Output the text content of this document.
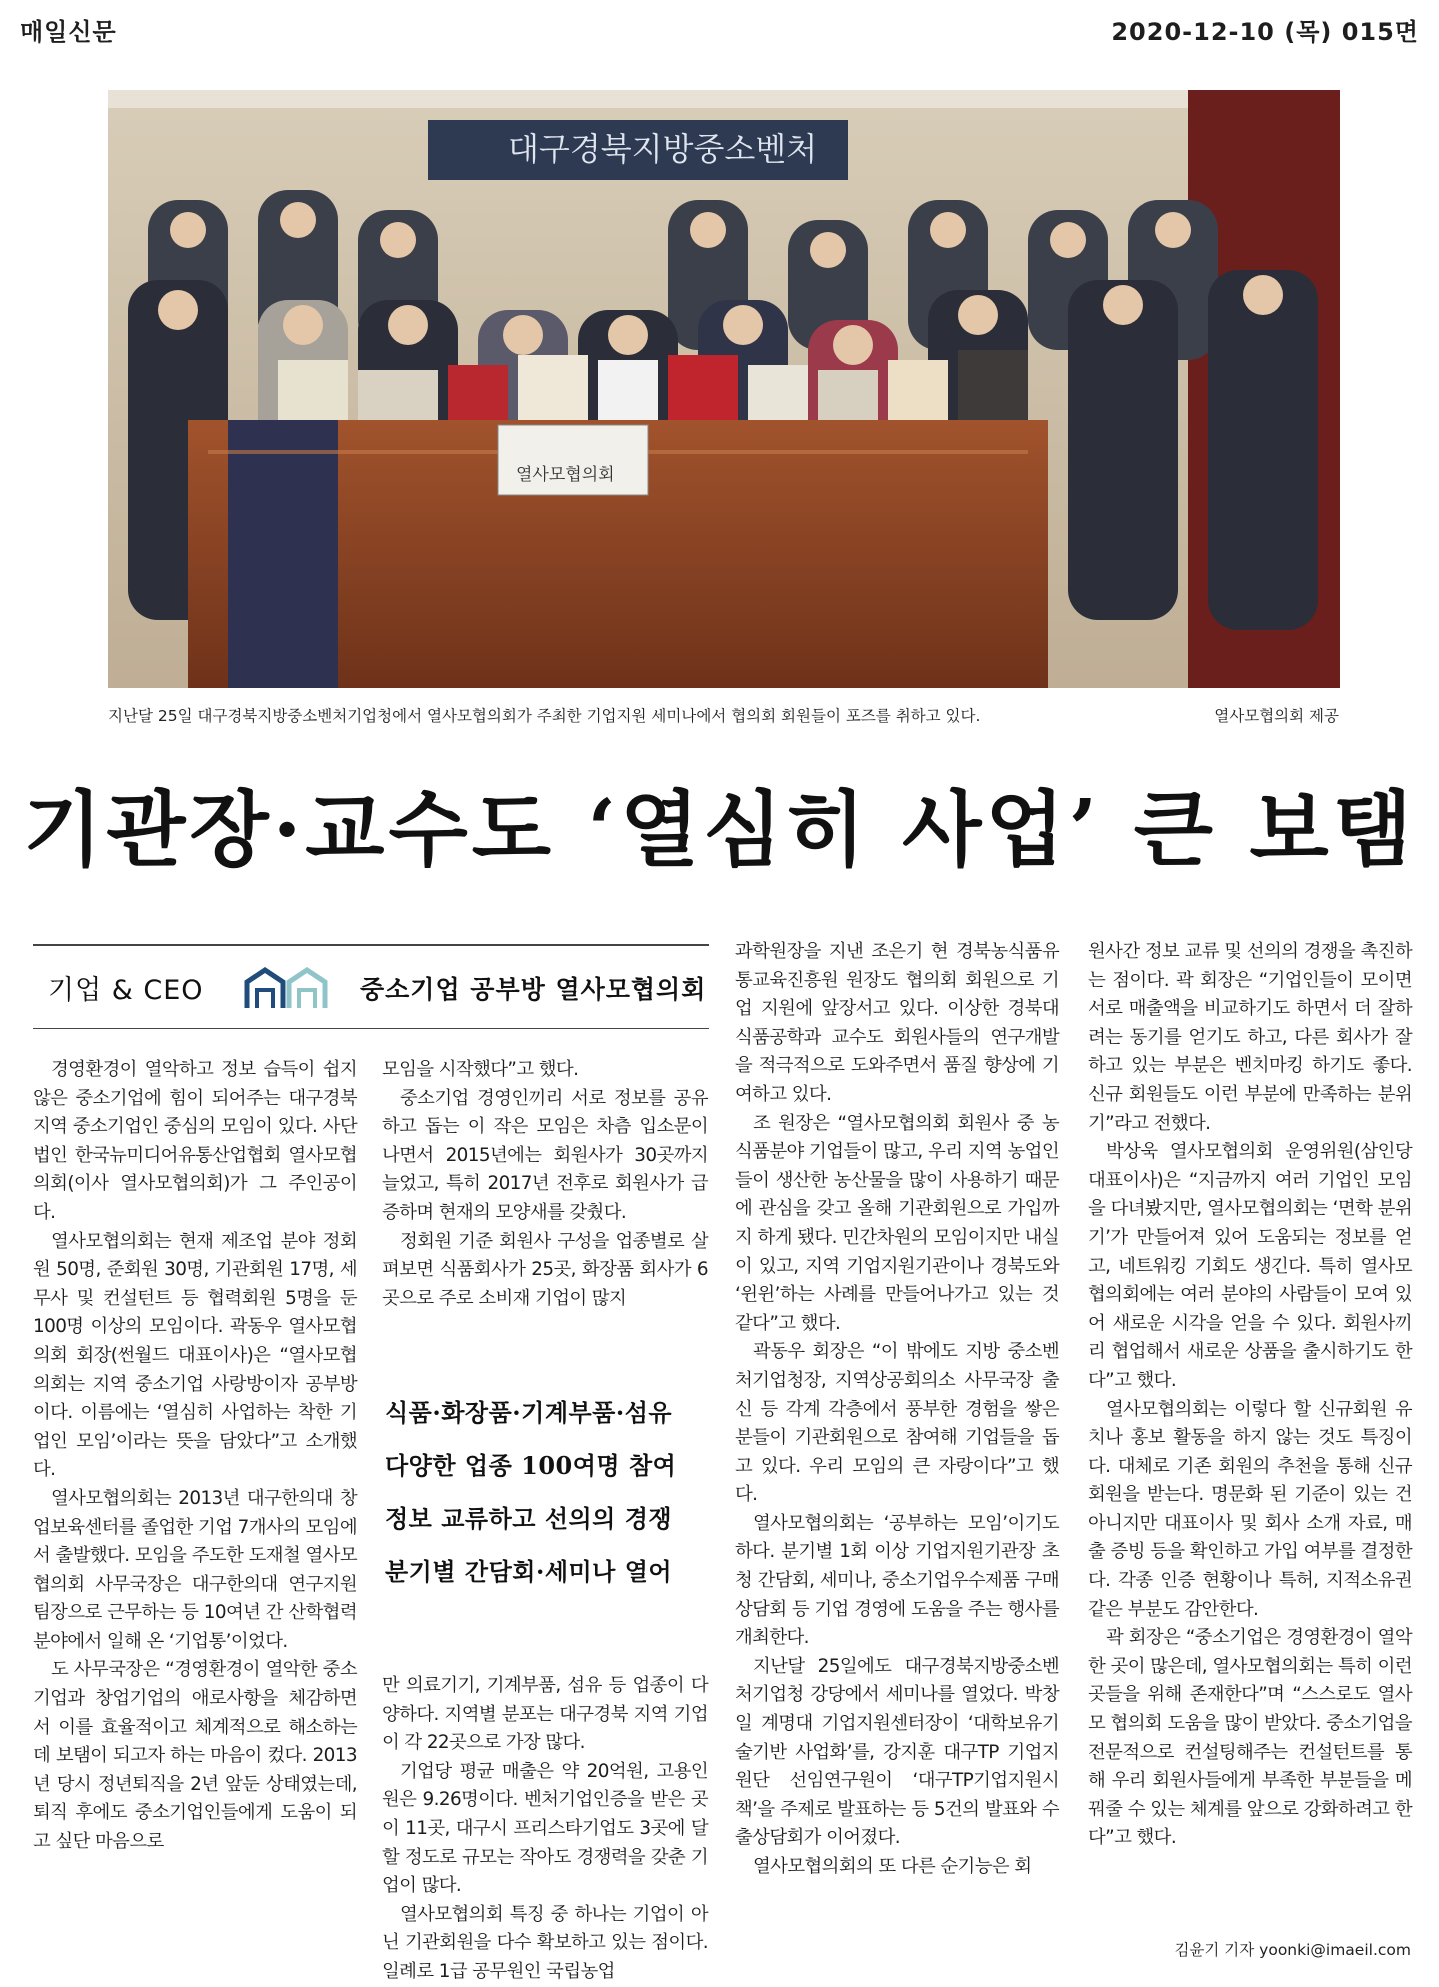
매일신문	2020-12-10 (목) 015면
대구경북지방중소벤처
열사모협의회
지난달 25일 대구경북지방중소벤처기업청에서 열사모협의회가 주최한 기업지원 세미나에서 협의회 회원들이 포즈를 취하고 있다.	열사모협의회 제공
기관장·교수도 ‘열심히 사업’ 큰 보탬
기업 & CEO	중소기업 공부방 열사모협의회

경영환경이 열악하고 정보 습득이 쉽지 않은 중소기업에 힘이 되어주는 대구경북지역 중소기업인 중심의 모임이 있다. 사단법인 한국뉴미디어유통산업협회 열사모협의회(이사 열사모협의회)가 그 주인공이다.

열사모협의회는 현재 제조업 분야 정회원 50명, 준회원 30명, 기관회원 17명, 세무사 및 컨설턴트 등 협력회원 5명을 둔 100명 이상의 모임이다. 곽동우 열사모협의회 회장(썬월드 대표이사)은 “열사모협의회는 지역 중소기업 사랑방이자 공부방이다. 이름에는 ‘열심히 사업하는 착한 기업인 모임’이라는 뜻을 담았다”고 소개했다.

열사모협의회는 2013년 대구한의대 창업보육센터를 졸업한 기업 7개사의 모임에서 출발했다. 모임을 주도한 도재철 열사모협의회 사무국장은 대구한의대 연구지원팀장으로 근무하는 등 10여년 간 산학협력 분야에서 일해 온 ‘기업통’이었다.

도 사무국장은 “경영환경이 열악한 중소기업과 창업기업의 애로사항을 체감하면서 이를 효율적이고 체계적으로 해소하는 데 보탬이 되고자 하는 마음이 컸다. 2013년 당시 정년퇴직을 2년 앞둔 상태였는데, 퇴직 후에도 중소기업인들에게 도움이 되고 싶단 마음으로

모임을 시작했다”고 했다.

중소기업 경영인끼리 서로 정보를 공유하고 돕는 이 작은 모임은 차츰 입소문이 나면서 2015년에는 회원사가 30곳까지 늘었고, 특히 2017년 전후로 회원사가 급증하며 현재의 모양새를 갖췄다.

정회원 기준 회원사 구성을 업종별로 살펴보면 식품회사가 25곳, 화장품 회사가 6곳으로 주로 소비재 기업이 많지

식품·화장품·기계부품·섬유
다양한 업종 100여명 참여
정보 교류하고 선의의 경쟁
분기별 간담회·세미나 열어

만 의료기기, 기계부품, 섬유 등 업종이 다양하다. 지역별 분포는 대구경북 지역 기업이 각 22곳으로 가장 많다.

기업당 평균 매출은 약 20억원, 고용인원은 9.26명이다. 벤처기업인증을 받은 곳이 11곳, 대구시 프리스타기업도 3곳에 달할 정도로 규모는 작아도 경쟁력을 갖춘 기업이 많다.

열사모협의회 특징 중 하나는 기업이 아닌 기관회원을 다수 확보하고 있는 점이다. 일례로 1급 공무원인 국립농업

과학원장을 지낸 조은기 현 경북농식품유통교육진흥원 원장도 협의회 회원으로 기업 지원에 앞장서고 있다. 이상한 경북대 식품공학과 교수도 회원사들의 연구개발을 적극적으로 도와주면서 품질 향상에 기여하고 있다.

조 원장은 “열사모협의회 회원사 중 농식품분야 기업들이 많고, 우리 지역 농업인들이 생산한 농산물을 많이 사용하기 때문에 관심을 갖고 올해 기관회원으로 가입까지 하게 됐다. 민간차원의 모임이지만 내실이 있고, 지역 기업지원기관이나 경북도와 ‘윈윈’하는 사례를 만들어나가고 있는 것 같다”고 했다.

곽동우 회장은 “이 밖에도 지방 중소벤처기업청장, 지역상공회의소 사무국장 출신 등 각계 각층에서 풍부한 경험을 쌓은 분들이 기관회원으로 참여해 기업들을 돕고 있다. 우리 모임의 큰 자랑이다”고 했다.

열사모협의회는 ‘공부하는 모임’이기도 하다. 분기별 1회 이상 기업지원기관장 초청 간담회, 세미나, 중소기업우수제품 구매상담회 등 기업 경영에 도움을 주는 행사를 개최한다.

지난달 25일에도 대구경북지방중소벤처기업청 강당에서 세미나를 열었다. 박창일 계명대 기업지원센터장이 ‘대학보유기술기반 사업화’를, 강지훈 대구TP 기업지원단 선임연구원이 ‘대구TP기업지원시책’을 주제로 발표하는 등 5건의 발표와 수출상담회가 이어졌다.

열사모협의회의 또 다른 순기능은 회

원사간 정보 교류 및 선의의 경쟁을 촉진하는 점이다. 곽 회장은 “기업인들이 모이면 서로 매출액을 비교하기도 하면서 더 잘하려는 동기를 얻기도 하고, 다른 회사가 잘 하고 있는 부분은 벤치마킹 하기도 좋다. 신규 회원들도 이런 부분에 만족하는 분위기”라고 전했다.

박상욱 열사모협의회 운영위원(삼인당 대표이사)은 “지금까지 여러 기업인 모임을 다녀봤지만, 열사모협의회는 ‘면학 분위기’가 만들어져 있어 도움되는 정보를 얻고, 네트워킹 기회도 생긴다. 특히 열사모협의회에는 여러 분야의 사람들이 모여 있어 새로운 시각을 얻을 수 있다. 회원사끼리 협업해서 새로운 상품을 출시하기도 한다”고 했다.

열사모협의회는 이렇다 할 신규회원 유치나 홍보 활동을 하지 않는 것도 특징이다. 대체로 기존 회원의 추천을 통해 신규 회원을 받는다. 명문화 된 기준이 있는 건 아니지만 대표이사 및 회사 소개 자료, 매출 증빙 등을 확인하고 가입 여부를 결정한다. 각종 인증 현황이나 특허, 지적소유권 같은 부분도 감안한다.

곽 회장은 “중소기업은 경영환경이 열악한 곳이 많은데, 열사모협의회는 특히 이런 곳들을 위해 존재한다”며 “스스로도 열사모 협의회 도움을 많이 받았다. 중소기업을 전문적으로 컨설팅해주는 컨설턴트를 통해 우리 회원사들에게 부족한 부분들을 메꿔줄 수 있는 체계를 앞으로 강화하려고 한다”고 했다.

김윤기 기자 yoonki@imaeil.com
